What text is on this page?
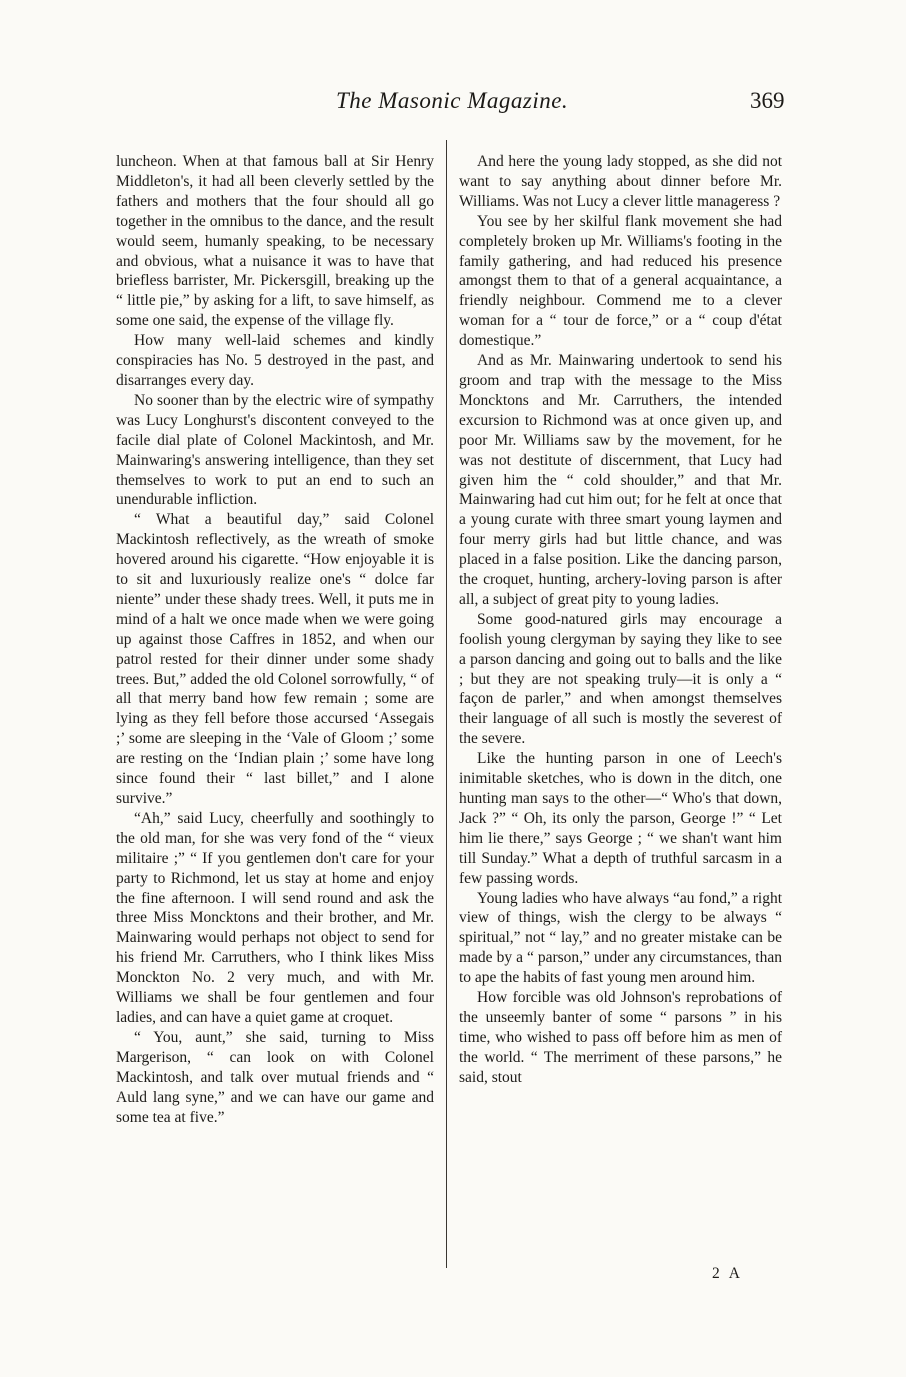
The Masonic Magazine.	369

luncheon. When at that famous ball at Sir Henry Middleton's, it had all been cleverly settled by the fathers and mothers that the four should all go together in the omnibus to the dance, and the result would seem, humanly speaking, to be necessary and obvious, what a nuisance it was to have that briefless barrister, Mr. Pickersgill, breaking up the “ little pie,” by asking for a lift, to save himself, as some one said, the expense of the village fly.

How many well-laid schemes and kindly conspiracies has No. 5 destroyed in the past, and disarranges every day.

No sooner than by the electric wire of sympathy was Lucy Longhurst's discontent conveyed to the facile dial plate of Colonel Mackintosh, and Mr. Mainwaring's answering intelligence, than they set themselves to work to put an end to such an unendurable infliction.

“ What a beautiful day,” said Colonel Mackintosh reflectively, as the wreath of smoke hovered around his cigarette. “How enjoyable it is to sit and luxuriously realize one's “ dolce far niente” under these shady trees. Well, it puts me in mind of a halt we once made when we were going up against those Caffres in 1852, and when our patrol rested for their dinner under some shady trees. But,” added the old Colonel sorrowfully, “ of all that merry band how few remain ; some are lying as they fell before those accursed ‘Assegais ;’ some are sleeping in the ‘Vale of Gloom ;’ some are resting on the ‘Indian plain ;’ some have long since found their “ last billet,” and I alone survive.”

“Ah,” said Lucy, cheerfully and soothingly to the old man, for she was very fond of the “ vieux militaire ;” “ If you gentlemen don't care for your party to Richmond, let us stay at home and enjoy the fine afternoon. I will send round and ask the three Miss Moncktons and their brother, and Mr. Mainwaring would perhaps not object to send for his friend Mr. Carruthers, who I think likes Miss Monckton No. 2 very much, and with Mr. Williams we shall be four gentlemen and four ladies, and can have a quiet game at croquet.

“ You, aunt,” she said, turning to Miss Margerison, “ can look on with Colonel Mackintosh, and talk over mutual friends and “ Auld lang syne,” and we can have our game and some tea at five.”

And here the young lady stopped, as she did not want to say anything about dinner before Mr. Williams. Was not Lucy a clever little manageress ?

You see by her skilful flank movement she had completely broken up Mr. Williams's footing in the family gathering, and had reduced his presence amongst them to that of a general acquaintance, a friendly neighbour. Commend me to a clever woman for a “ tour de force,” or a “ coup d'état domestique.”

And as Mr. Mainwaring undertook to send his groom and trap with the message to the Miss Moncktons and Mr. Carruthers, the intended excursion to Richmond was at once given up, and poor Mr. Williams saw by the movement, for he was not destitute of discernment, that Lucy had given him the “ cold shoulder,” and that Mr. Mainwaring had cut him out; for he felt at once that a young curate with three smart young laymen and four merry girls had but little chance, and was placed in a false position. Like the dancing parson, the croquet, hunting, archery-loving parson is after all, a subject of great pity to young ladies.

Some good-natured girls may encourage a foolish young clergyman by saying they like to see a parson dancing and going out to balls and the like ; but they are not speaking truly—it is only a “ façon de parler,” and when amongst themselves their language of all such is mostly the severest of the severe.

Like the hunting parson in one of Leech's inimitable sketches, who is down in the ditch, one hunting man says to the other—“ Who's that down, Jack ?” “ Oh, its only the parson, George !” “ Let him lie there,” says George ; “ we shan't want him till Sunday.” What a depth of truthful sarcasm in a few passing words.

Young ladies who have always “au fond,” a right view of things, wish the clergy to be always “ spiritual,” not “ lay,” and no greater mistake can be made by a “ parson,” under any circumstances, than to ape the habits of fast young men around him.

How forcible was old Johnson's reprobations of the unseemly banter of some “ parsons ” in his time, who wished to pass off before him as men of the world. “ The merriment of these parsons,” he said, stout

2 A
